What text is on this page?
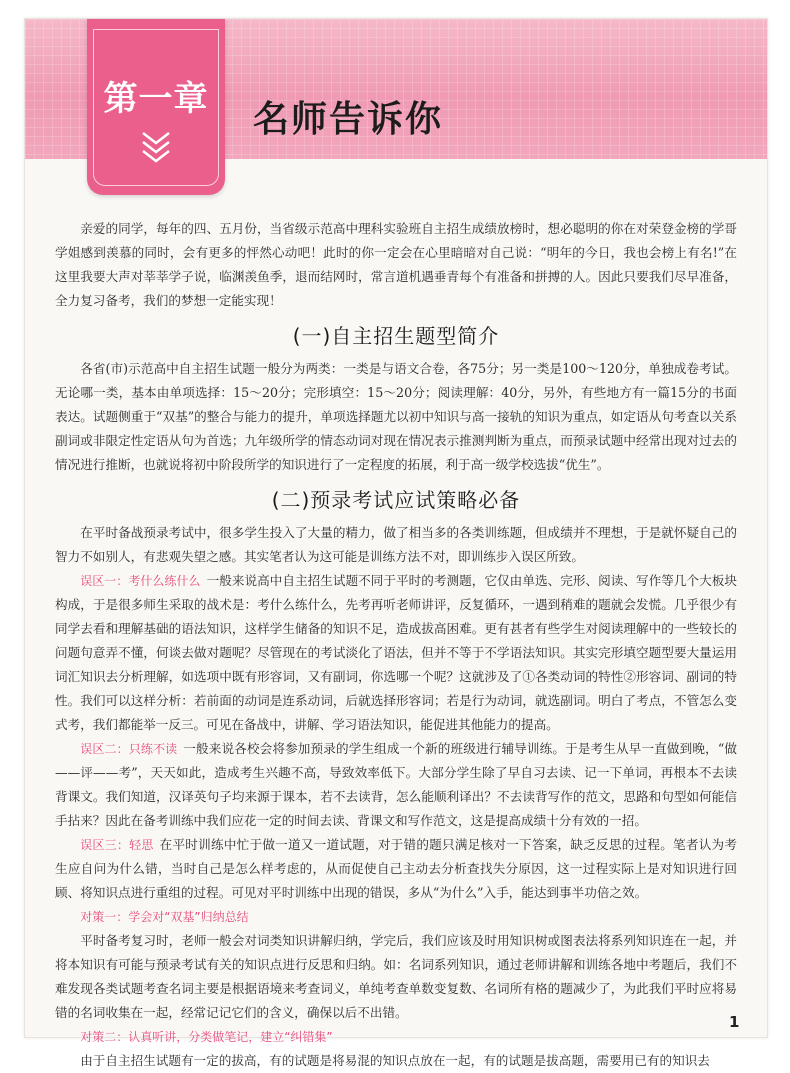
第一章	名师告诉你

亲爱的同学，每年的四、五月份，当省级示范高中理科实验班自主招生成绩放榜时，想必聪明的你在对荣登金榜的学哥学姐感到羡慕的同时，会有更多的怦然心动吧！此时的你一定会在心里暗暗对自己说：“明年的今日，我也会榜上有名!”在这里我要大声对莘莘学子说，临渊羡鱼季，退而结网时，常言道机遇垂青每个有准备和拼搏的人。因此只要我们尽早准备，全力复习备考，我们的梦想一定能实现！

(一)自主招生题型简介

各省(市)示范高中自主招生试题一般分为两类：一类是与语文合卷，各75分；另一类是100～120分，单独成卷考试。无论哪一类，基本由单项选择：15～20分；完形填空：15～20分；阅读理解：40分，另外，有些地方有一篇15分的书面表达。试题侧重于“双基”的整合与能力的提升，单项选择题尤以初中知识与高一接轨的知识为重点，如定语从句考查以关系副词或非限定性定语从句为首选；九年级所学的情态动词对现在情况表示推测判断为重点，而预录试题中经常出现对过去的情况进行推断，也就说将初中阶段所学的知识进行了一定程度的拓展，利于高一级学校选拔“优生”。

(二)预录考试应试策略必备

在平时备战预录考试中，很多学生投入了大量的精力，做了相当多的各类训练题，但成绩并不理想，于是就怀疑自己的智力不如别人，有悲观失望之感。其实笔者认为这可能是训练方法不对，即训练步入误区所致。

误区一：考什么练什么 一般来说高中自主招生试题不同于平时的考测题，它仅由单选、完形、阅读、写作等几个大板块构成，于是很多师生采取的战术是：考什么练什么，先考再听老师讲评，反复循环，一遇到稍难的题就会发慌。几乎很少有同学去看和理解基础的语法知识，这样学生储备的知识不足，造成拔高困难。更有甚者有些学生对阅读理解中的一些较长的问题句意弄不懂，何谈去做对题呢？尽管现在的考试淡化了语法，但并不等于不学语法知识。其实完形填空题型要大量运用词汇知识去分析理解，如选项中既有形容词，又有副词，你选哪一个呢？这就涉及了①各类动词的特性②形容词、副词的特性。我们可以这样分析：若前面的动词是连系动词，后就选择形容词；若是行为动词，就选副词。明白了考点，不管怎么变式考，我们都能举一反三。可见在备战中，讲解、学习语法知识，能促进其他能力的提高。

误区二：只练不读 一般来说各校会将参加预录的学生组成一个新的班级进行辅导训练。于是考生从早一直做到晚，“做——评——考”，天天如此，造成考生兴趣不高，导致效率低下。大部分学生除了早自习去读、记一下单词，再根本不去读背课文。我们知道，汉译英句子均来源于课本，若不去读背，怎么能顺利译出？不去读背写作的范文，思路和句型如何能信手拈来？因此在备考训练中我们应花一定的时间去读、背课文和写作范文，这是提高成绩十分有效的一招。

误区三：轻思 在平时训练中忙于做一道又一道试题，对于错的题只满足核对一下答案，缺乏反思的过程。笔者认为考生应自问为什么错，当时自己是怎么样考虑的，从而促使自己主动去分析查找失分原因，这一过程实际上是对知识进行回顾、将知识点进行重组的过程。可见对平时训练中出现的错误，多从“为什么”入手，能达到事半功倍之效。

对策一：学会对“双基”归纳总结

平时备考复习时，老师一般会对词类知识讲解归纳，学完后，我们应该及时用知识树或图表法将系列知识连在一起，并将本知识有可能与预录考试有关的知识点进行反思和归纳。如：名词系列知识，通过老师讲解和训练各地中考题后，我们不难发现各类试题考查名词主要是根据语境来考查词义，单纯考查单数变复数、名词所有格的题减少了，为此我们平时应将易错的名词收集在一起，经常记记它们的含义，确保以后不出错。

对策二：认真听讲，分类做笔记，建立“纠错集”

由于自主招生试题有一定的拔高，有的试题是将易混的知识点放在一起，有的试题是拔高题，需要用已有的知识去

1
